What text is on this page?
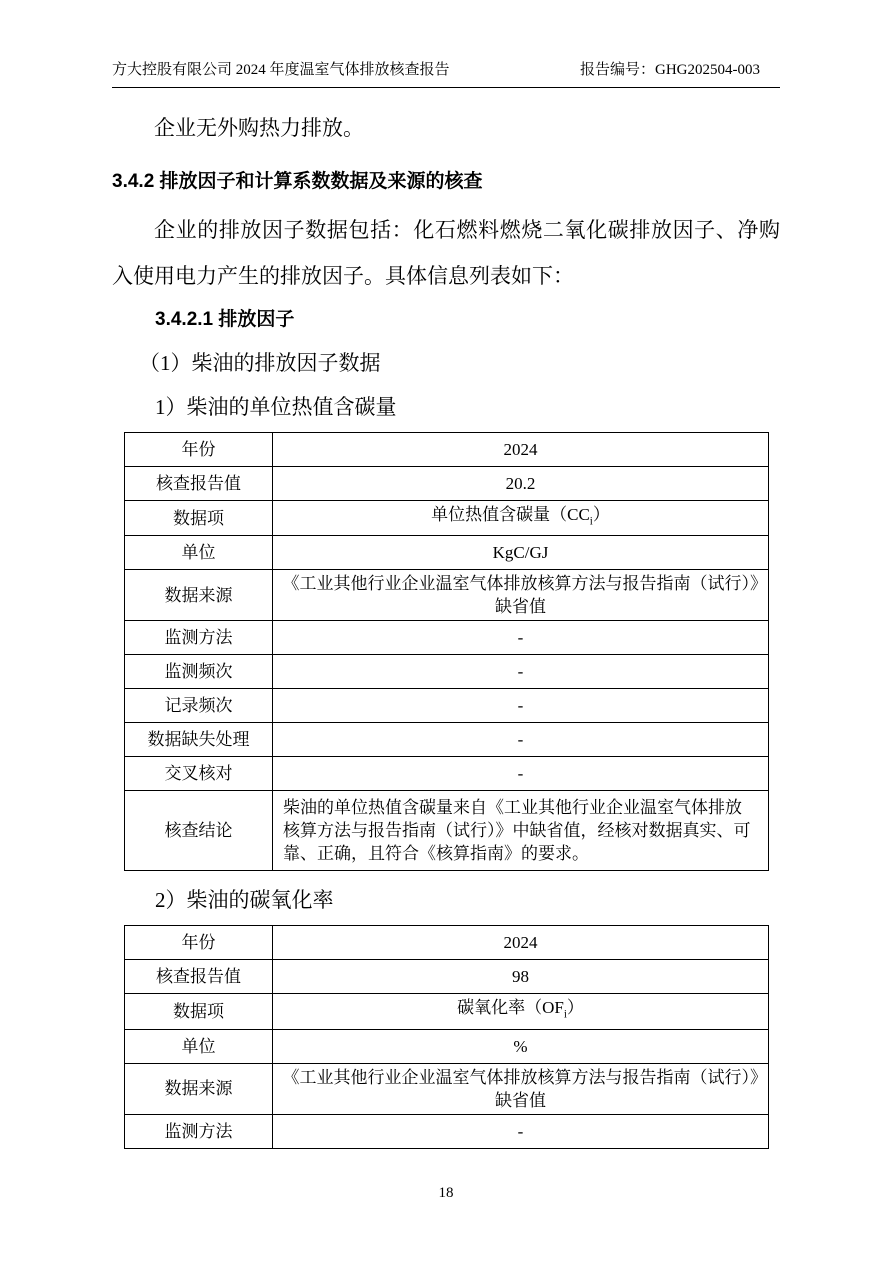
方大控股有限公司 2024 年度温室气体排放核查报告	报告编号：GHG202504-003

企业无外购热力排放。

3.4.2 排放因子和计算系数数据及来源的核查

企业的排放因子数据包括：化石燃料燃烧二氧化碳排放因子、净购入使用电力产生的排放因子。具体信息列表如下：

3.4.2.1 排放因子

（1）柴油的排放因子数据

1）柴油的单位热值含碳量

年份	2024
核查报告值	20.2
数据项	单位热值含碳量$(CC_i)$
单位	KgC/GJ
数据来源	《工业其他行业企业温室气体排放核算方法与报告指南（试行）》缺省值
监测方法	-
监测频次	-
记录频次	-
数据缺失处理	-
交叉核对	-
核查结论	柴油的单位热值含碳量来自《工业其他行业企业温室气体排放核算方法与报告指南（试行）》中缺省值，经核对数据真实、可靠、正确，且符合《核算指南》的要求。

2）柴油的碳氧化率

年份	2024
核查报告值	98
数据项	碳氧化率$(OF_i)$
单位	%
数据来源	《工业其他行业企业温室气体排放核算方法与报告指南（试行）》缺省值
监测方法	-
18
